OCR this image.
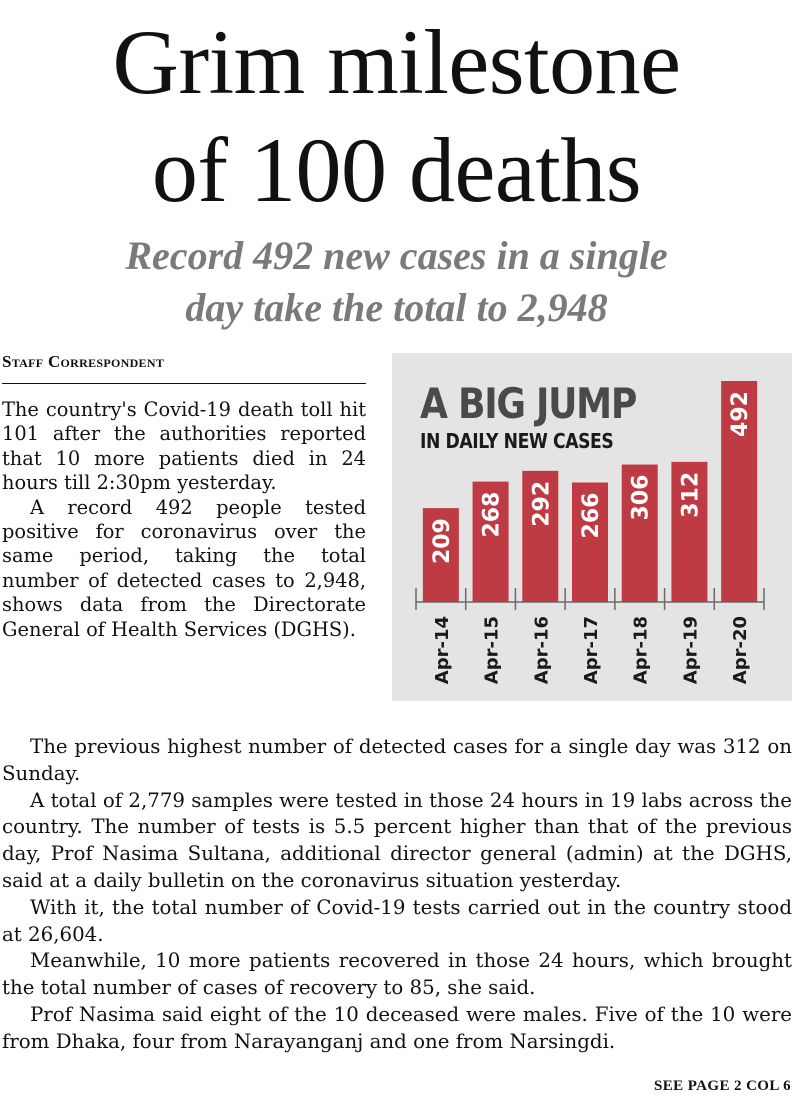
Grim milestone
of 100 deaths
Record 492 new cases in a single
day take the total to 2,948
Staff Correspondent

The country's Covid-19 death toll hit 101 after the authorities reported that 10 more patients died in 24 hours till 2:30pm yesterday.

A record 492 people tested positive for coronavirus over the same period, taking the total number of detected cases to 2,948, shows data from the Directorate General of Health Services (DGHS).

209
Apr-14
268
Apr-15
292
Apr-16
266
Apr-17
306
Apr-18
312
Apr-19
492
Apr-20
A BIG JUMP
IN DAILY NEW CASES

The previous highest number of detected cases for a single day was 312 on Sunday.

A total of 2,779 samples were tested in those 24 hours in 19 labs across the country. The number of tests is 5.5 percent higher than that of the previous day, Prof Nasima Sultana, additional director general (admin) at the DGHS, said at a daily bulletin on the coronavirus situation yesterday.

With it, the total number of Covid-19 tests carried out in the country stood at 26,604.

Meanwhile, 10 more patients recovered in those 24 hours, which brought the total number of cases of recovery to 85, she said.

Prof Nasima said eight of the 10 deceased were males. Five of the 10 were from Dhaka, four from Narayanganj and one from Narsingdi.

SEE PAGE 2 COL 6
